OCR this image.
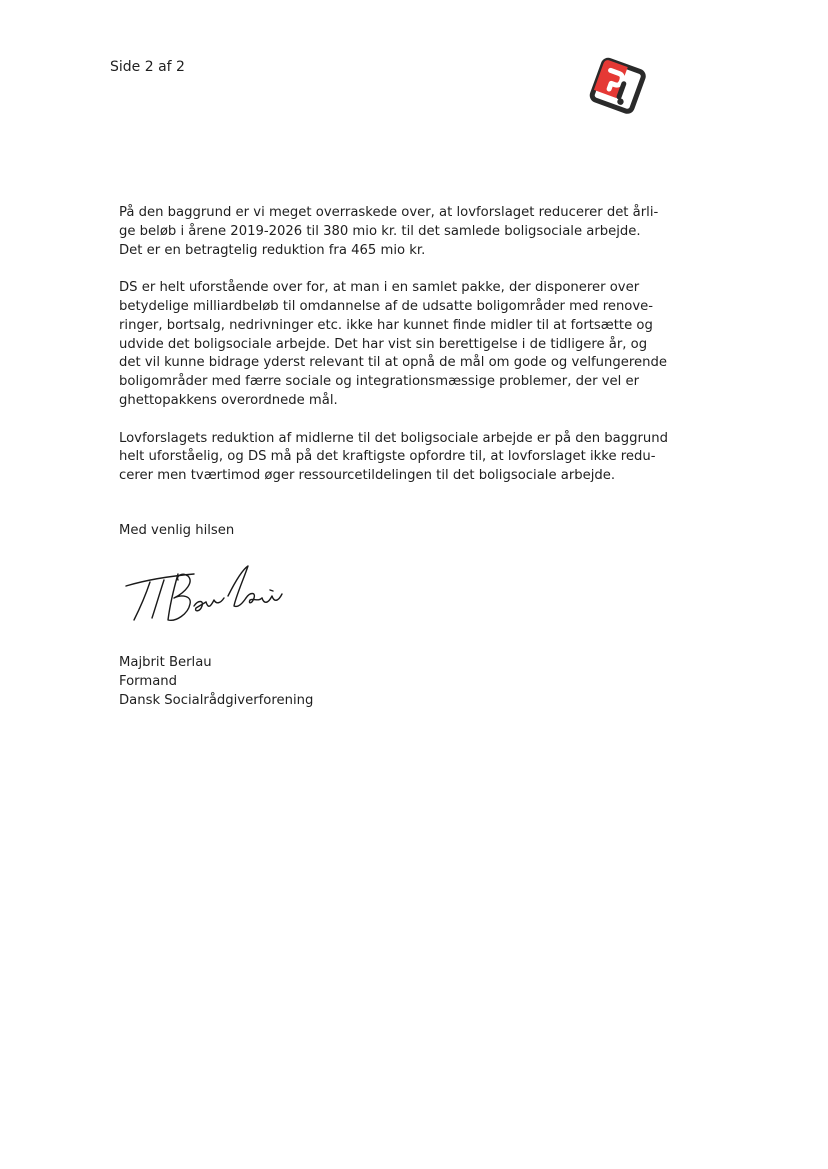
Side 2 af 2
På den baggrund er vi meget overraskede over, at lovforslaget reducerer det årli-
ge beløb i årene 2019-2026 til 380 mio kr. til det samlede boligsociale arbejde.
Det er en betragtelig reduktion fra 465 mio kr.
DS er helt uforstående over for, at man i en samlet pakke, der disponerer over
betydelige milliardbeløb til omdannelse af de udsatte boligområder med renove-
ringer, bortsalg, nedrivninger etc. ikke har kunnet finde midler til at fortsætte og
udvide det boligsociale arbejde. Det har vist sin berettigelse i de tidligere år, og
det vil kunne bidrage yderst relevant til at opnå de mål om gode og velfungerende
boligområder med færre sociale og integrationsmæssige problemer, der vel er
ghettopakkens overordnede mål.
Lovforslagets reduktion af midlerne til det boligsociale arbejde er på den baggrund
helt uforståelig, og DS må på det kraftigste opfordre til, at lovforslaget ikke redu-
cerer men tværtimod øger ressourcetildelingen til det boligsociale arbejde.
Med venlig hilsen
Majbrit Berlau
Formand
Dansk Socialrådgiverforening
